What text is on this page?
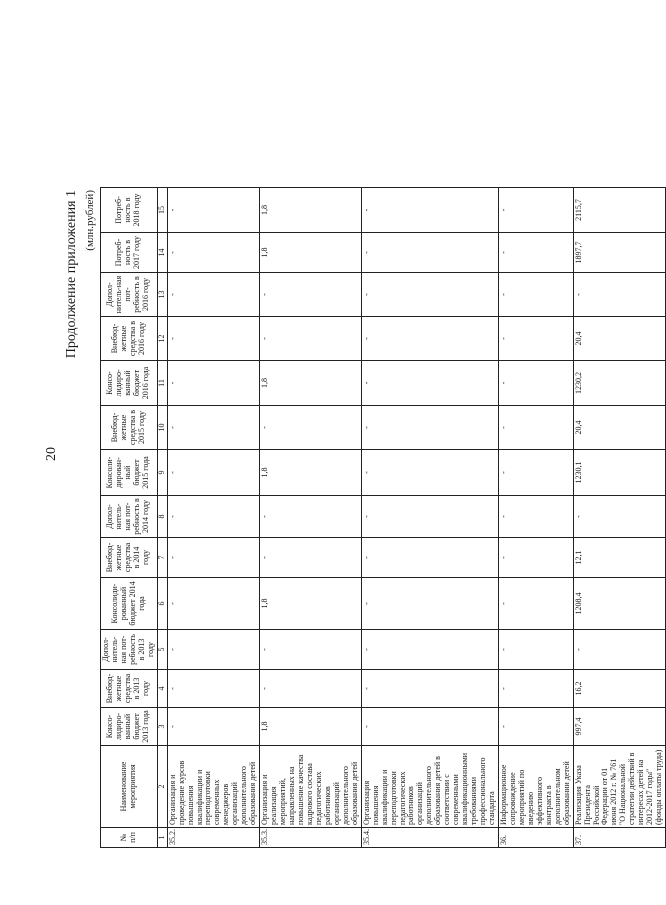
20
Продолжение приложения 1 (млн.рублей)
№ п/п	Наименование мероприятия	Консо-лидиро-ванный бюджет 2013 года	Внебюд-жетные средства в 2013 году	Допол-нитель-ная пот-ребность в 2013 году	Консолиди-рованный бюджет 2014 года	Внебюд-жетные средства в 2014 году	Допол-нитель-ная пот-ребность в 2014 году	Консоли-дирован-ный бюджет 2015 года	Внебюд-жетные средства в 2015 году	Консо-лидиро-ванный бюджет 2016 года	Внебюд-жетные средства в 2016 году	Допол-нитель-ная пот-ребность в 2016 году	Потреб-ность в 2017 году	Потреб-ность в 2018 году
1	2	3	4	5	6	7	8	9	10	11	12	13	14	15
35.2.	Организация и проведение курсов повышения квалификации и переподготовки современных менеджеров организаций дополнительного образования детей	-	-	-	-	-	-	-	-	-	-	-	-	-
35.3.	Организация и реализация мероприятий, направленных на повышение качества кадрового состава педагогических работников организаций дополнительного образования детей	1,8	-	-	1,8	-	-	1,8	-	1,8	-	-	1,8	1,8
35.4.	Организация повышения квалификации и переподготовки педагогических работников организаций дополнительного образования детей в соответствии с современными квалификационными требованиями профессионального стандарта	-	-	-	-	-	-	-	-	-	-	-	-	-
36.	Информационное сопровождение мероприятий по введению эффективного контракта в дополнительном образовании детей	-	-	-	-	-	-	-	-	-	-	-	-	-
37.	Реализация Указа Президента Российской Федерации от 01 июня 2012 г. № 761 "О Национальной стратегии действий в интересах детей на 2012-2017 годы" (фонды оплаты труда)	997,4	16,2	-	1208,4	12,1	-	1230,1	20,4	1230,2	20,4	-	1897,7	2115,7
